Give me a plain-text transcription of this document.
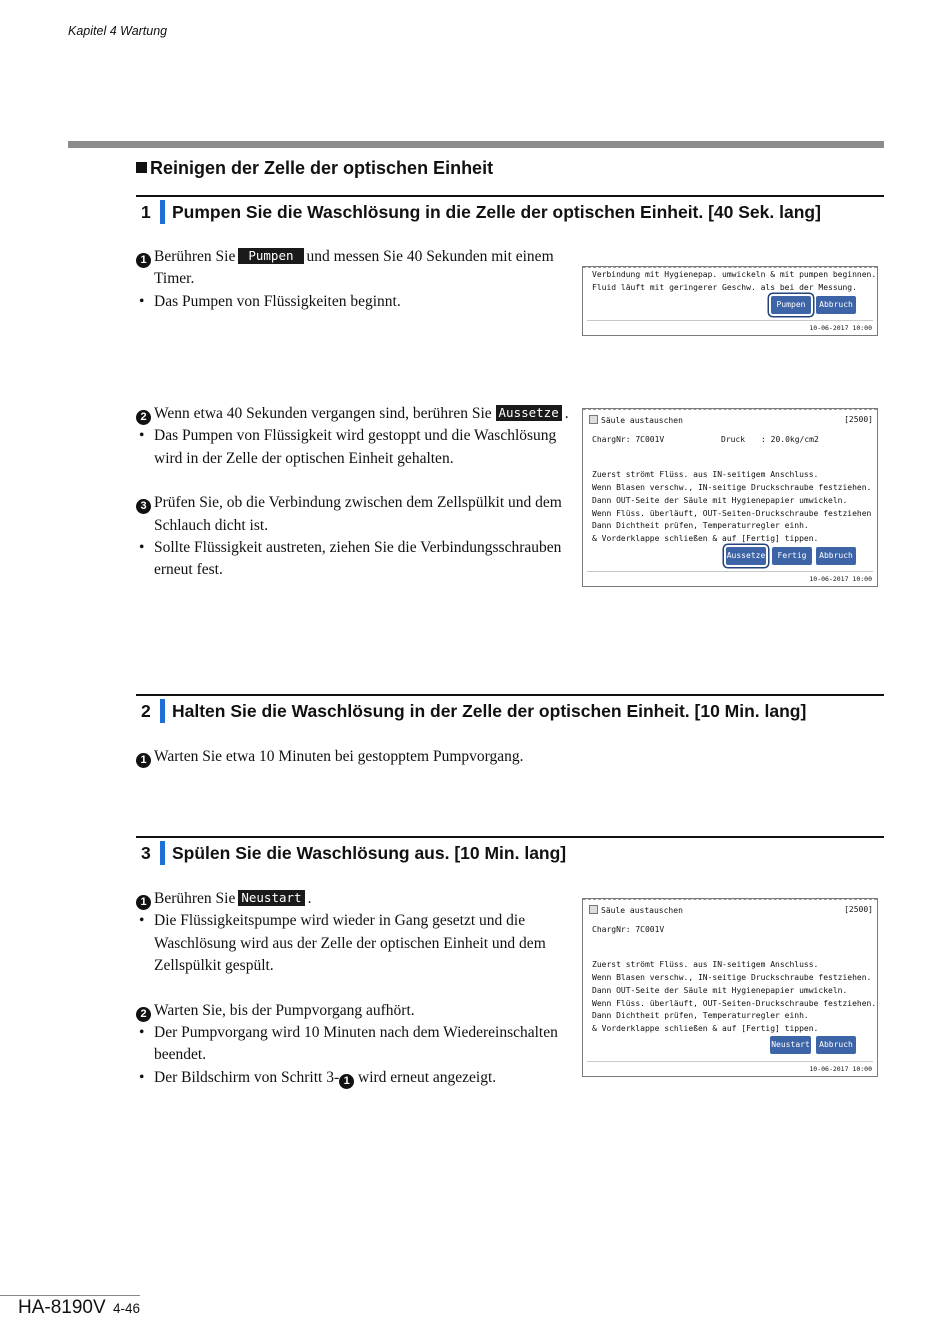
Kapitel 4 Wartung
Reinigen der Zelle der optischen Einheit
1 Pumpen Sie die Waschlösung in die Zelle der optischen Einheit. [40 Sek. lang]
1 Berühren Sie Pumpen und messen Sie 40 Sekunden mit einem Timer.
• Das Pumpen von Flüssigkeiten beginnt.
2 Wenn etwa 40 Sekunden vergangen sind, berühren Sie Aussetze .
• Das Pumpen von Flüssigkeit wird gestoppt und die Waschlösung wird in der Zelle der optischen Einheit gehalten.
3 Prüfen Sie, ob die Verbindung zwischen dem Zellspülkit und dem Schlauch dicht ist.
• Sollte Flüssigkeit austreten, ziehen Sie die Verbindungsschrauben erneut fest.
Verbindung mit Hygienepap. umwickeln & mit pumpen beginnen.
Fluid läuft mit geringerer Geschw. als bei der Messung.
Pumpen	Abbruch
10-06-2017 10:00
Säule austauschen	[2500]
ChargNr: 7C001V	Druck : 20.0kg/cm2
Zuerst strömt Flüss. aus IN-seitigem Anschluss.
Wenn Blasen verschw., IN-seitige Druckschraube festziehen.
Dann OUT-Seite der Säule mit Hygienepapier umwickeln.
Wenn Flüss. überläuft, OUT-Seiten-Druckschraube festziehen
Dann Dichtheit prüfen, Temperaturregler einh.
& Vorderklappe schließen & auf [Fertig] tippen.
Aussetze	Fertig	Abbruch
10-06-2017 10:00
2 Halten Sie die Waschlösung in der Zelle der optischen Einheit. [10 Min. lang]
1 Warten Sie etwa 10 Minuten bei gestopptem Pumpvorgang.
3 Spülen Sie die Waschlösung aus. [10 Min. lang]
1 Berühren Sie Neustart .
• Die Flüssigkeitspumpe wird wieder in Gang gesetzt und die Waschlösung wird aus der Zelle der optischen Einheit und dem Zellspülkit gespült.
2 Warten Sie, bis der Pumpvorgang aufhört.
• Der Pumpvorgang wird 10 Minuten nach dem Wiedereinschalten beendet.
• Der Bildschirm von Schritt 3- 1 wird erneut angezeigt.
Säule austauschen	[2500]
ChargNr: 7C001V
Zuerst strömt Flüss. aus IN-seitigem Anschluss.
Wenn Blasen verschw., IN-seitige Druckschraube festziehen.
Dann OUT-Seite der Säule mit Hygienepapier umwickeln.
Wenn Flüss. überläuft, OUT-Seiten-Druckschraube festziehen.
Dann Dichtheit prüfen, Temperaturregler einh.
& Vorderklappe schließen & auf [Fertig] tippen.
Neustart	Abbruch
10-06-2017 10:00
HA-8190V 4-46
